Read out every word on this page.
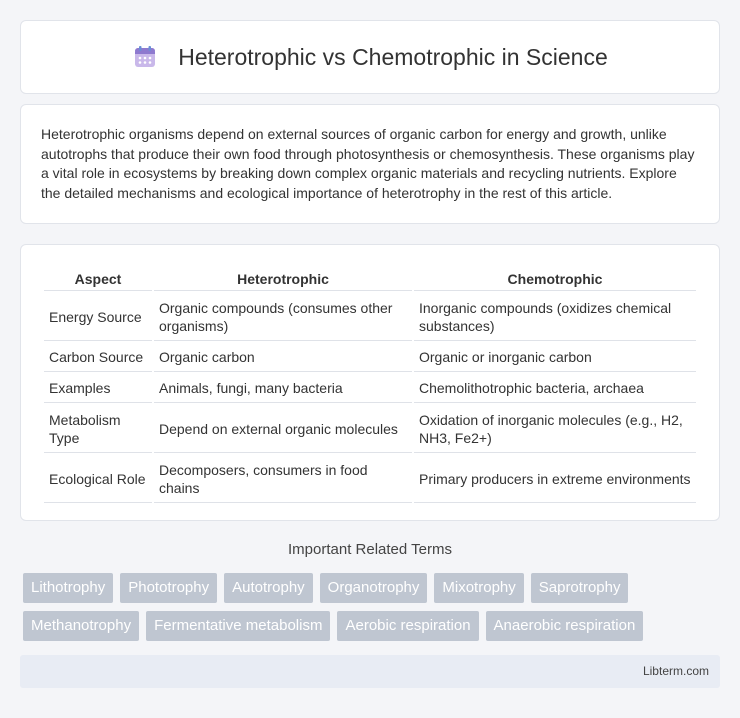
Heterotrophic vs Chemotrophic in Science

Heterotrophic organisms depend on external sources of organic carbon for energy and growth, unlike autotrophs that produce their own food through photosynthesis or chemosynthesis. These organisms play a vital role in ecosystems by breaking down complex organic materials and recycling nutrients. Explore the detailed mechanisms and ecological importance of heterotrophy in the rest of this article.

Aspect	Heterotrophic	Chemotrophic
Energy Source	Organic compounds (consumes other organisms)	Inorganic compounds (oxidizes chemical substances)
Carbon Source	Organic carbon	Organic or inorganic carbon
Examples	Animals, fungi, many bacteria	Chemolithotrophic bacteria, archaea
Metabolism Type	Depend on external organic molecules	Oxidation of inorganic molecules (e.g., H2, NH3, Fe2+)
Ecological Role	Decomposers, consumers in food chains	Primary producers in extreme environments
Important Related Terms
Lithotrophy	Phototrophy	Autotrophy	Organotrophy	Mixotrophy	Saprotrophy
Methanotrophy	Fermentative metabolism	Aerobic respiration	Anaerobic respiration
Libterm.com
